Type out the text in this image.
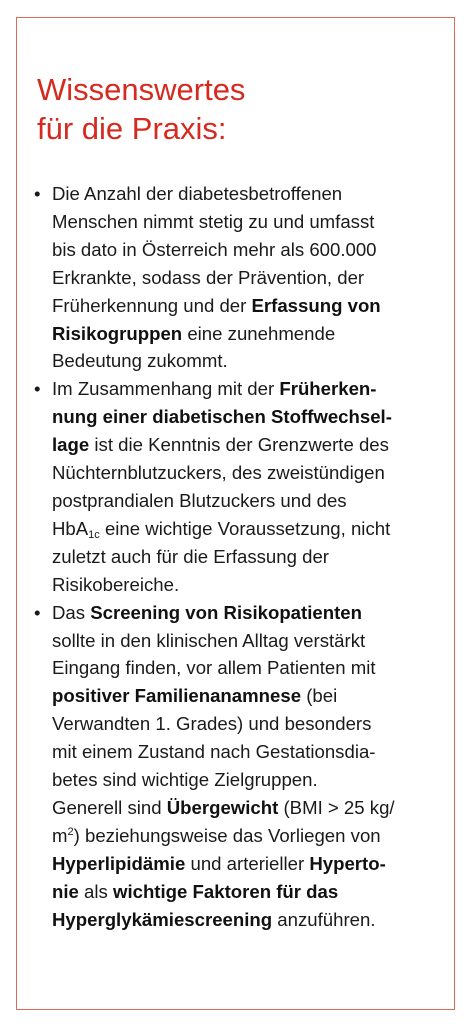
Wissenswertes
für die Praxis:
• Die Anzahl der diabetesbetroffenen
Menschen nimmt stetig zu und umfasst
bis dato in Österreich mehr als 600.000
Erkrankte, sodass der Prävention, der
Früherkennung und der Erfassung von
Risikogruppen eine zunehmende
Bedeutung zukommt.
• Im Zusammenhang mit der Früherken-
nung einer diabetischen Stoffwechsel-
lage ist die Kenntnis der Grenzwerte des
Nüchternblutzuckers, des zweistündigen
postprandialen Blutzuckers und des
HbA$_{1c}$ eine wichtige Voraussetzung, nicht
zuletzt auch für die Erfassung der
Risikobereiche.
• Das Screening von Risikopatienten
sollte in den klinischen Alltag verstärkt
Eingang finden, vor allem Patienten mit
positiver Familienanamnese (bei
Verwandten 1. Grades) und besonders
mit einem Zustand nach Gestationsdia-
betes sind wichtige Zielgruppen.
Generell sind Übergewicht (BMI > 25 kg/
$m^2$) beziehungsweise das Vorliegen von
Hyperlipidämie und arterieller Hyperto-
nie als wichtige Faktoren für das
Hyperglykämiescreening anzuführen.
